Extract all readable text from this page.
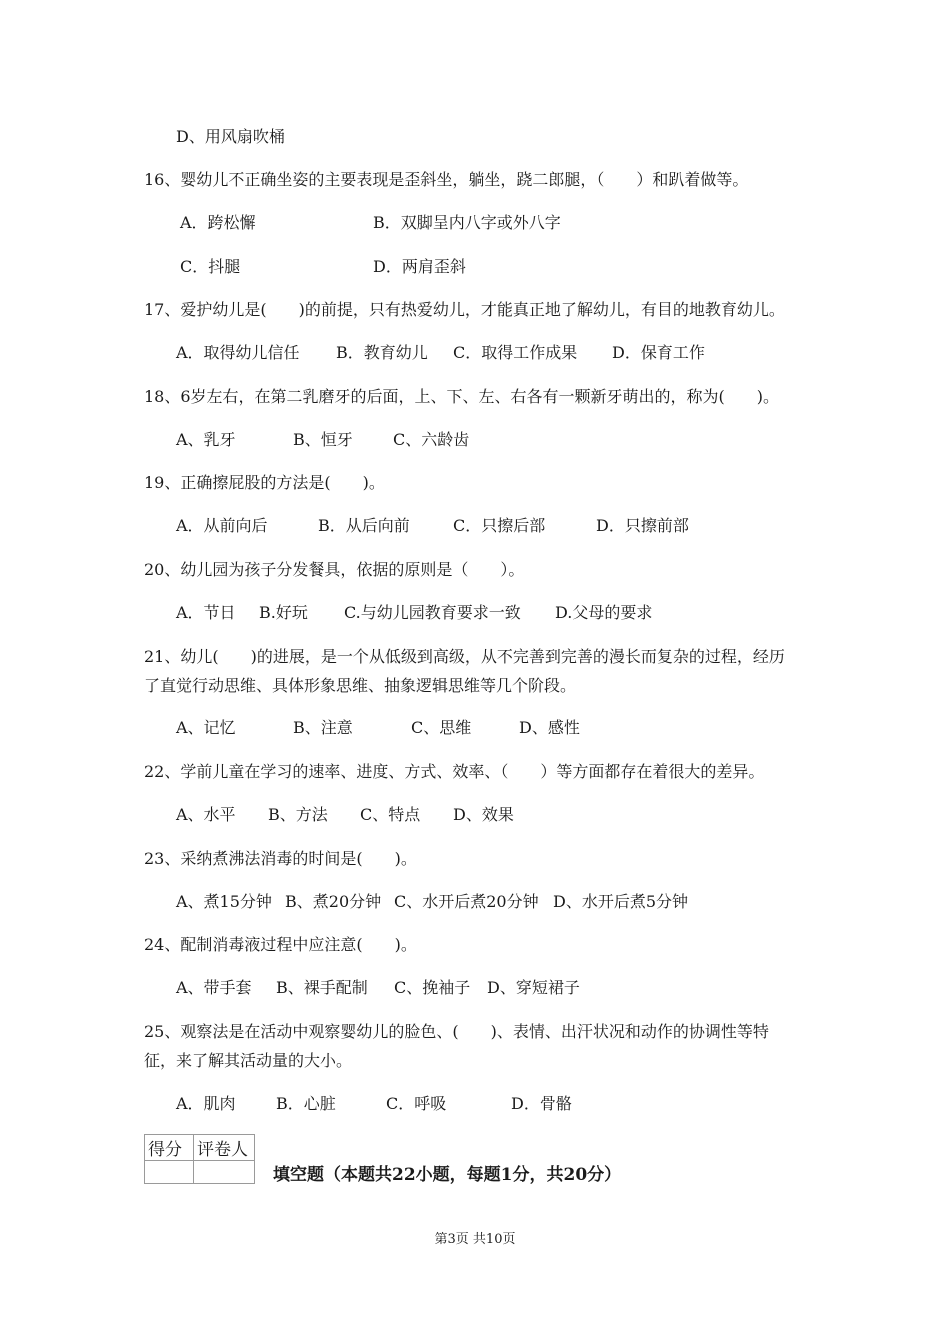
D、用风扇吹桶
16、婴幼儿不正确坐姿的主要表现是歪斜坐，躺坐，跷二郎腿，（　　）和趴着做等。
A．跨松懈	B．双脚呈内八字或外八字
C．抖腿	D．两肩歪斜
17、爱护幼儿是(　　)的前提，只有热爱幼儿，才能真正地了解幼儿，有目的地教育幼儿。
A．取得幼儿信任 B．教育幼儿 C．取得工作成果 D．保育工作
18、6岁左右，在第二乳磨牙的后面，上、下、左、右各有一颗新牙萌出的，称为(　　)。
A、乳牙	B、恒牙	C、六龄齿
19、正确擦屁股的方法是(　　)。
A．从前向后	B．从后向前	C．只擦后部	D．只擦前部
20、幼儿园为孩子分发餐具，依据的原则是（　　）。
A．节日 B.好玩 C.与幼儿园教育要求一致 D.父母的要求
21、幼儿(　　)的进展，是一个从低级到高级，从不完善到完善的漫长而复杂的过程，经历
了直觉行动思维、具体形象思维、抽象逻辑思维等几个阶段。
A、记忆	B、注意	C、思维	D、感性
22、学前儿童在学习的速率、进度、方式、效率、（　　）等方面都存在着很大的差异。
A、水平 B、方法 C、特点 D、效果
23、采纳煮沸法消毒的时间是(　　)。
A、煮15分钟 B、煮20分钟 C、水开后煮20分钟 D、水开后煮5分钟
24、配制消毒液过程中应注意(　　)。
A、带手套 B、裸手配制 C、挽袖子 D、穿短裙子
25、观察法是在活动中观察婴幼儿的脸色、(　　)、表情、出汗状况和动作的协调性等特
征，来了解其活动量的大小。
A．肌肉	B．心脏	C．呼吸	D．骨骼
得分	评卷人

填空题（本题共22小题，每题1分，共20分）
第3页 共10页
